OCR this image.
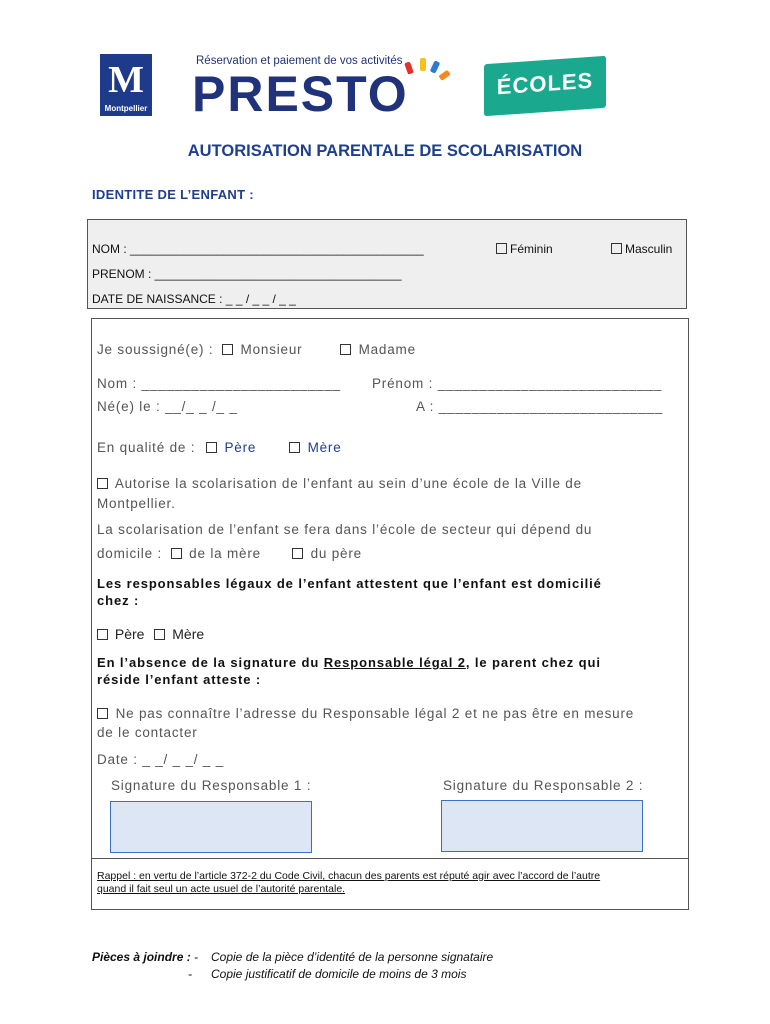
M
Montpellier
Réservation et paiement de vos activités
PRESTO	ÉCOLES
AUTORISATION PARENTALE DE SCOLARISATION
IDENTITE DE L’ENFANT :
NOM : ____________________________________________	Féminin	Masculin
PRENOM : _____________________________________
DATE DE NAISSANCE : _ _ / _ _ / _ _
Je soussigné(e) : Monsieur	Madame
Nom : ________________________ Prénom : ___________________________
Né(e) le : __/_ _ /_ _	A : ___________________________
En qualité de : Père	Mère
Autorise la scolarisation de l’enfant au sein d’une école de la Ville de
Montpellier.
La scolarisation de l’enfant se fera dans l’école de secteur qui dépend du
domicile : de la mère	du père
Les responsables légaux de l’enfant attestent que l’enfant est domicilié
chez :
Père Mère
En l’absence de la signature du Responsable légal 2, le parent chez qui
réside l’enfant atteste :
Ne pas connaître l’adresse du Responsable légal 2 et ne pas être en mesure
de le contacter
Date : _ _/ _ _/ _ _
Signature du Responsable 1 :	Signature du Responsable 2 :
Rappel : en vertu de l’article 372-2 du Code Civil, chacun des parents est réputé agir avec l’accord de l’autre
quand il fait seul un acte usuel de l’autorité parentale.
Pièces à joindre : - Copie de la pièce d’identité de la personne signataire
- Copie justificatif de domicile de moins de 3 mois
